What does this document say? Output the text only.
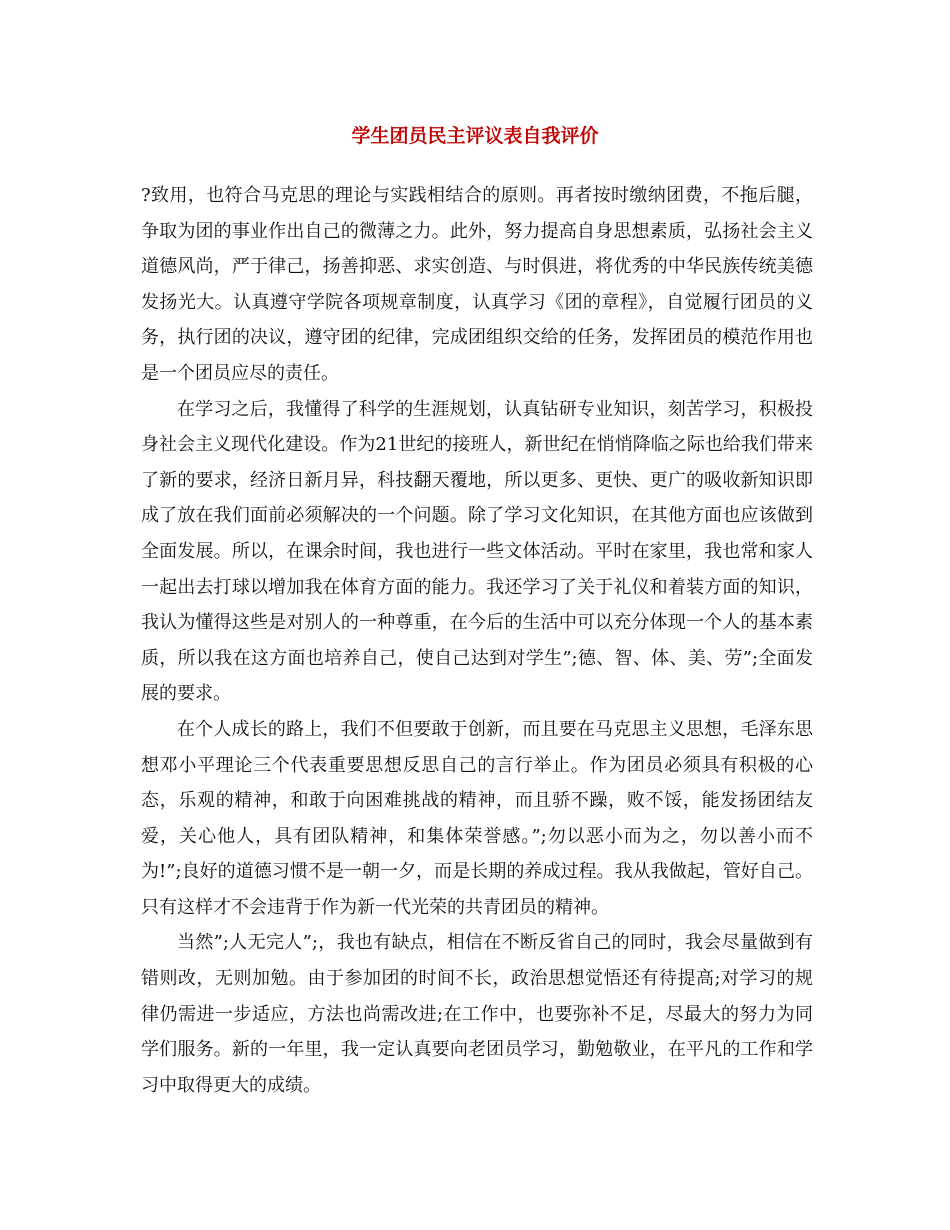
学生团员民主评议表自我评价

?致用，也符合马克思的理论与实践相结合的原则。再者按时缴纳团费，不拖后腿，争取为团的事业作出自己的微薄之力。此外，努力提高自身思想素质，弘扬社会主义道德风尚，严于律己，扬善抑恶、求实创造、与时俱进，将优秀的中华民族传统美德发扬光大。认真遵守学院各项规章制度，认真学习《团的章程》，自觉履行团员的义务，执行团的决议，遵守团的纪律，完成团组织交给的任务，发挥团员的模范作用也是一个团员应尽的责任。

在学习之后，我懂得了科学的生涯规划，认真钻研专业知识，刻苦学习，积极投身社会主义现代化建设。作为21世纪的接班人，新世纪在悄悄降临之际也给我们带来了新的要求，经济日新月异，科技翻天覆地，所以更多、更快、更广的吸收新知识即成了放在我们面前必须解决的一个问题。除了学习文化知识，在其他方面也应该做到全面发展。所以，在课余时间，我也进行一些文体活动。平时在家里，我也常和家人一起出去打球以增加我在体育方面的能力。我还学习了关于礼仪和着装方面的知识，我认为懂得这些是对别人的一种尊重，在今后的生活中可以充分体现一个人的基本素质，所以我在这方面也培养自己，使自己达到对学生”;德、智、体、美、劳”;全面发展的要求。

在个人成长的路上，我们不但要敢于创新，而且要在马克思主义思想，毛泽东思想邓小平理论三个代表重要思想反思自己的言行举止。作为团员必须具有积极的心态，乐观的精神，和敢于向困难挑战的精神，而且骄不躁，败不馁，能发扬团结友爱，关心他人，具有团队精神，和集体荣誉感。”;勿以恶小而为之，勿以善小而不为!”;良好的道德习惯不是一朝一夕，而是长期的养成过程。我从我做起，管好自己。只有这样才不会违背于作为新一代光荣的共青团员的精神。

当然”;人无完人”;，我也有缺点，相信在不断反省自己的同时，我会尽量做到有错则改，无则加勉。由于参加团的时间不长，政治思想觉悟还有待提高;对学习的规律仍需进一步适应，方法也尚需改进;在工作中，也要弥补不足，尽最大的努力为同学们服务。新的一年里，我一定认真要向老团员学习，勤勉敬业，在平凡的工作和学习中取得更大的成绩。
